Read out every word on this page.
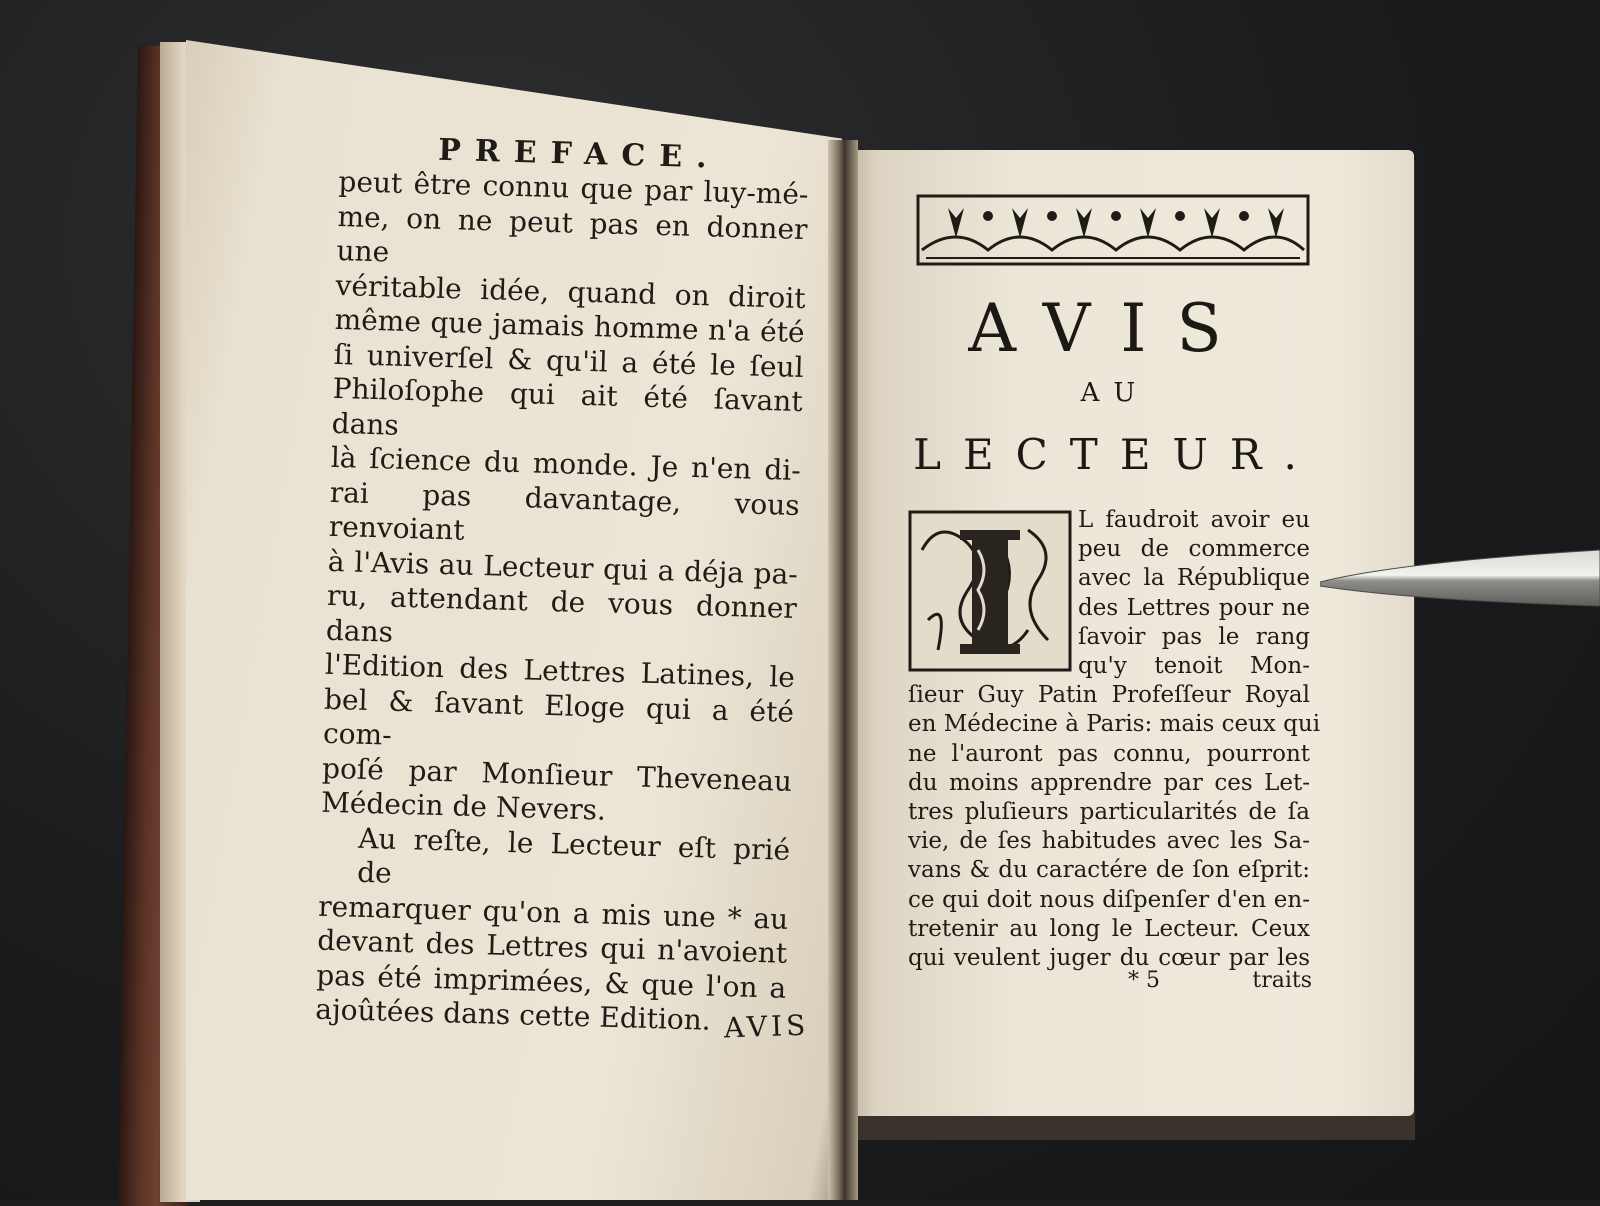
PREFACE.

peut être connu que par luy-mé-

me, on ne peut pas en donner une

véritable idée, quand on diroit

même que jamais homme n'a été

ſi univerſel & qu'il a été le ſeul

Philoſophe qui ait été ſavant dans

là ſcience du monde. Je n'en di-

rai pas davantage, vous renvoiant

à l'Avis au Lecteur qui a déja pa-

ru, attendant de vous donner dans

l'Edition des Lettres Latines, le

bel & ſavant Eloge qui a été com-

poſé par Monſieur Theveneau

Médecin de Nevers.

Au reſte, le Lecteur eſt prié de

remarquer qu'on a mis une * au

devant des Lettres qui n'avoient

pas été imprimées, & que l'on a

ajoûtées dans cette Edition. AVIS
AVIS
AU
LECTEUR.
L faudroit avoir eu
peu de commerce
avec la République
des Lettres pour ne
ſavoir pas le rang
qu'y tenoit Mon-
ſieur Guy Patin Profeſſeur Royal
en Médecine à Paris: mais ceux qui
ne l'auront pas connu, pourront
du moins apprendre par ces Let-
tres pluſieurs particularités de ſa
vie, de ſes habitudes avec les Sa-
vans & du caractére de ſon eſprit:
ce qui doit nous diſpenſer d'en en-
tretenir au long le Lecteur. Ceux
qui veulent juger du cœur par les
* 5	traits
